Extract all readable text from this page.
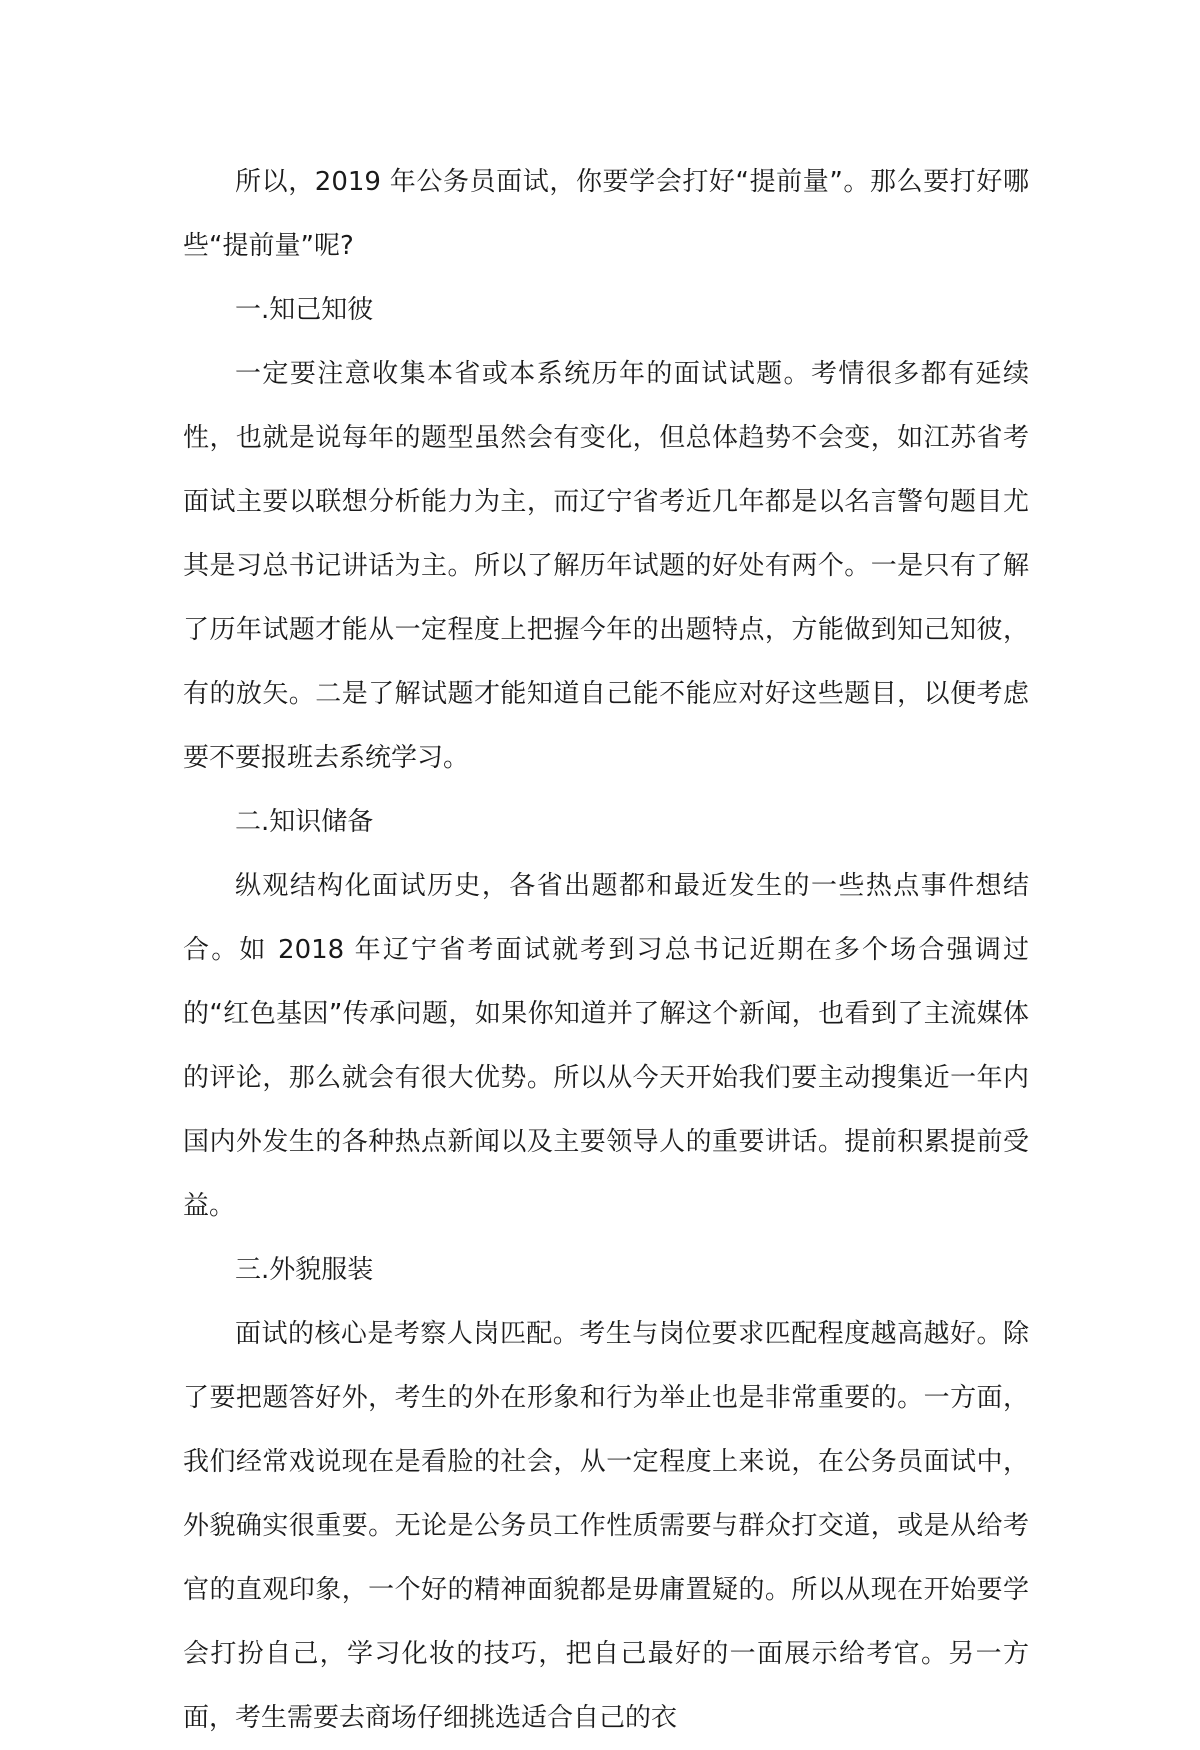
所以，2019 年公务员面试，你要学会打好“提前量”。那么要打好哪些“提前量”呢?

一.知己知彼

一定要注意收集本省或本系统历年的面试试题。考情很多都有延续性，也就是说每年的题型虽然会有变化，但总体趋势不会变，如江苏省考面试主要以联想分析能力为主，而辽宁省考近几年都是以名言警句题目尤其是习总书记讲话为主。所以了解历年试题的好处有两个。一是只有了解了历年试题才能从一定程度上把握今年的出题特点，方能做到知己知彼，有的放矢。二是了解试题才能知道自己能不能应对好这些题目，以便考虑要不要报班去系统学习。

二.知识储备

纵观结构化面试历史，各省出题都和最近发生的一些热点事件想结合。如 2018 年辽宁省考面试就考到习总书记近期在多个场合强调过的“红色基因”传承问题，如果你知道并了解这个新闻，也看到了主流媒体的评论，那么就会有很大优势。所以从今天开始我们要主动搜集近一年内国内外发生的各种热点新闻以及主要领导人的重要讲话。提前积累提前受益。

三.外貌服装

面试的核心是考察人岗匹配。考生与岗位要求匹配程度越高越好。除了要把题答好外，考生的外在形象和行为举止也是非常重要的。一方面，我们经常戏说现在是看脸的社会，从一定程度上来说，在公务员面试中，外貌确实很重要。无论是公务员工作性质需要与群众打交道，或是从给考官的直观印象，一个好的精神面貌都是毋庸置疑的。所以从现在开始要学会打扮自己，学习化妆的技巧，把自己最好的一面展示给考官。另一方面，考生需要去商场仔细挑选适合自己的衣
